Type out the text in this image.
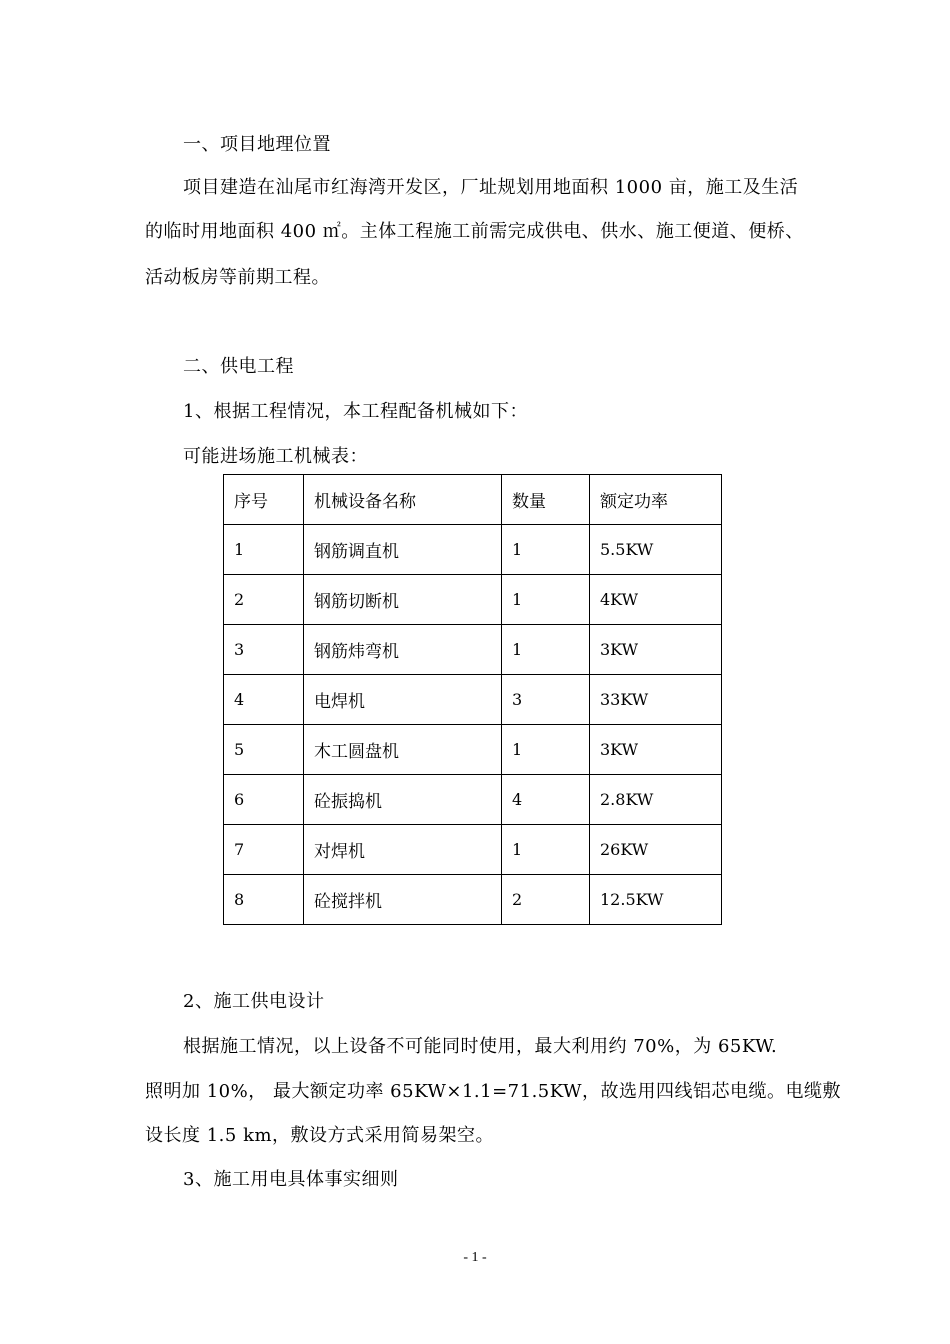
一、项目地理位置
项目建造在汕尾市红海湾开发区，厂址规划用地面积 1000 亩，施工及生活
的临时用地面积 400 ㎡。主体工程施工前需完成供电、供水、施工便道、便桥、
活动板房等前期工程。
二、供电工程
1、根据工程情况，本工程配备机械如下：
可能进场施工机械表：
序号	机械设备名称	数量	额定功率
1	钢筋调直机	1	5.5KW
2	钢筋切断机	1	4KW
3	钢筋炜弯机	1	3KW
4	电焊机	3	33KW
5	木工圆盘机	1	3KW
6	砼振捣机	4	2.8KW
7	对焊机	1	26KW
8	砼搅拌机	2	12.5KW
2、施工供电设计
根据施工情况，以上设备不可能同时使用，最大利用约 70%，为 65KW.
照明加 10%， 最大额定功率 65KW×1.1=71.5KW，故选用四线铝芯电缆。电缆敷
设长度 1.5 km，敷设方式采用简易架空。
3、施工用电具体事实细则
- 1 -
